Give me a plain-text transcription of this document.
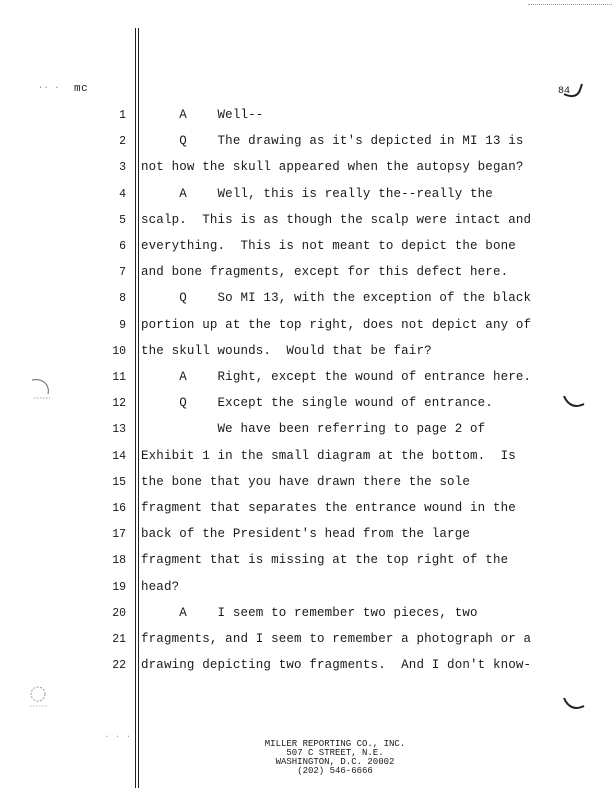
·· · mc	84
1 A    Well--
2 Q    The drawing as it's depicted in MI 13 is
3 not how the skull appeared when the autopsy began?
4 A    Well, this is really the--really the
5 scalp.  This is as though the scalp were intact and
6 everything.  This is not meant to depict the bone
7 and bone fragments, except for this defect here.
8 Q    So MI 13, with the exception of the black
9 portion up at the top right, does not depict any of
10 the skull wounds.  Would that be fair?
11 A    Right, except the wound of entrance here.
12 Q    Except the single wound of entrance.
13 We have been referring to page 2 of
14 Exhibit 1 in the small diagram at the bottom.  Is
15 the bone that you have drawn there the sole
16 fragment that separates the entrance wound in the
17 back of the President's head from the large
18 fragment that is missing at the top right of the
19 head?
20 A    I seem to remember two pieces, two
21 fragments, and I seem to remember a photograph or a
22 drawing depicting two fragments.  And I don't know-
· · ·
MILLER REPORTING CO., INC.
507 C STREET, N.E.
WASHINGTON, D.C. 20002
(202) 546-6666
